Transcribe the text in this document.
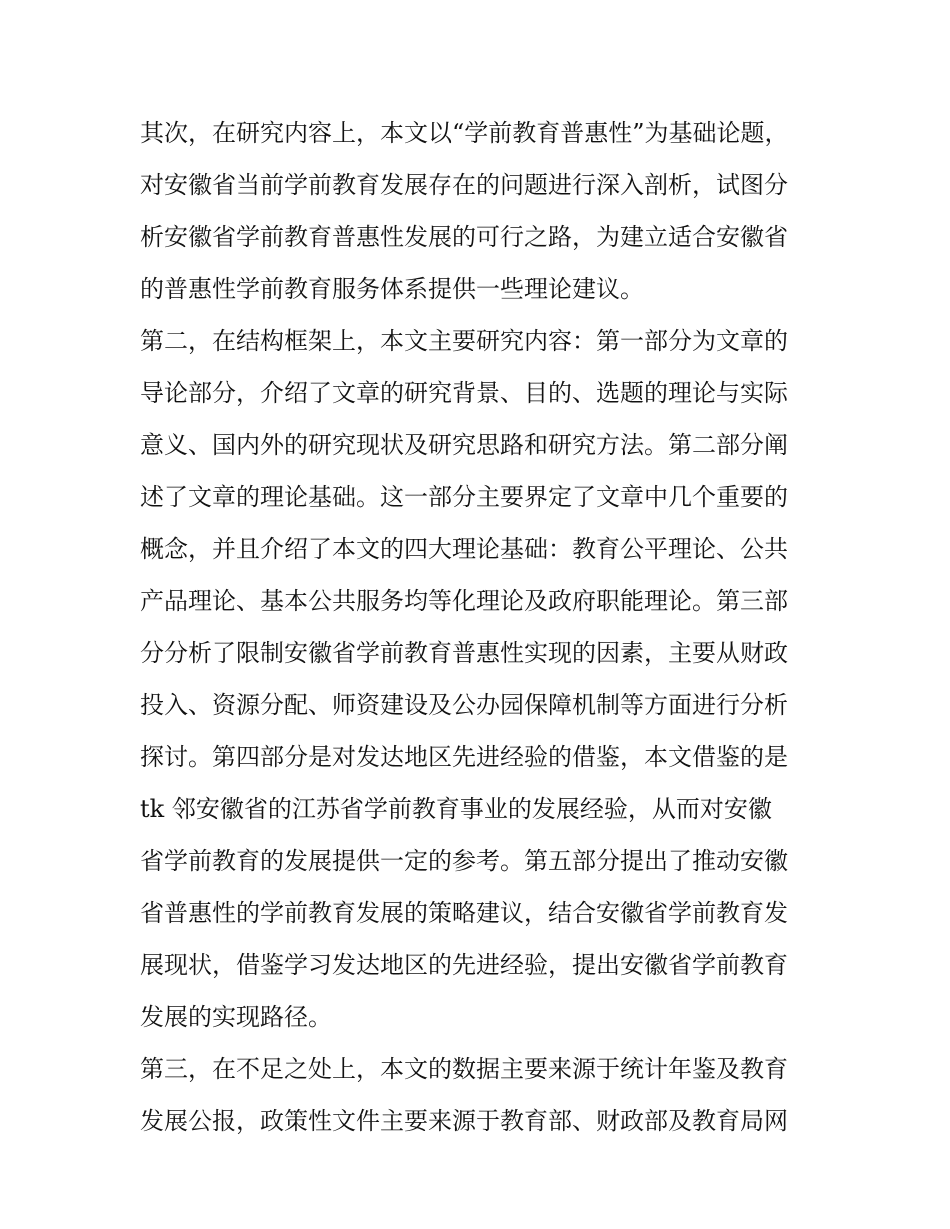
其次，在研究内容上，本文以“学前教育普惠性”为基础论题，
对安徽省当前学前教育发展存在的问题进行深入剖析，试图分
析安徽省学前教育普惠性发展的可行之路，为建立适合安徽省
的普惠性学前教育服务体系提供一些理论建议。
第二，在结构框架上，本文主要研究内容：第一部分为文章的
导论部分，介绍了文章的研究背景、目的、选题的理论与实际
意义、国内外的研究现状及研究思路和研究方法。第二部分阐
述了文章的理论基础。这一部分主要界定了文章中几个重要的
概念，并且介绍了本文的四大理论基础：教育公平理论、公共
产品理论、基本公共服务均等化理论及政府职能理论。第三部
分分析了限制安徽省学前教育普惠性实现的因素，主要从财政
投入、资源分配、师资建设及公办园保障机制等方面进行分析
探讨。第四部分是对发达地区先进经验的借鉴，本文借鉴的是
tk 邻安徽省的江苏省学前教育事业的发展经验，从而对安徽
省学前教育的发展提供一定的参考。第五部分提出了推动安徽
省普惠性的学前教育发展的策略建议，结合安徽省学前教育发
展现状，借鉴学习发达地区的先进经验，提出安徽省学前教育
发展的实现路径。
第三，在不足之处上，本文的数据主要来源于统计年鉴及教育
发展公报，政策性文件主要来源于教育部、财政部及教育局网
